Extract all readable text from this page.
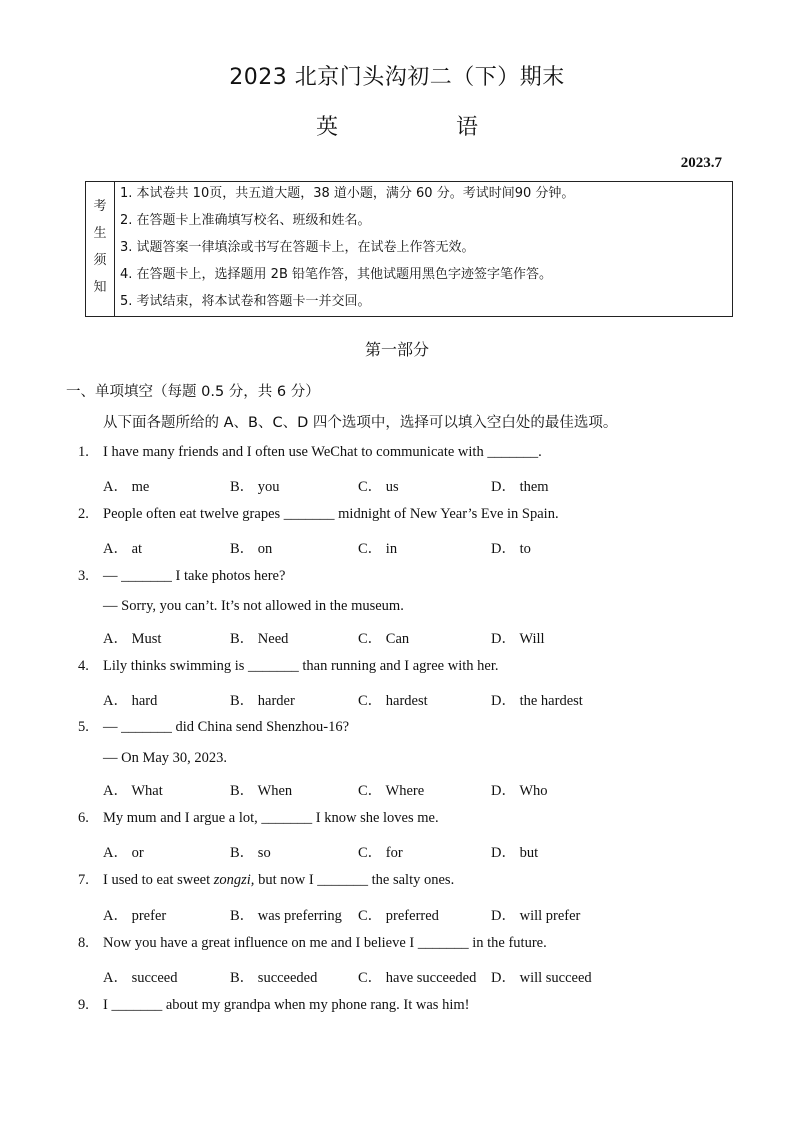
2023 北京门头沟初二（下）期末
英	语
2023.7
考
生
须
知
1. 本试卷共 10页，共五道大题，38 道小题，满分 60 分。考试时间90 分钟。
2. 在答题卡上准确填写校名、班级和姓名。
3. 试题答案一律填涂或书写在答题卡上，在试卷上作答无效。
4. 在答题卡上，选择题用 2B 铅笔作答，其他试题用黑色字迹签字笔作答。
5. 考试结束，将本试卷和答题卡一并交回。
第一部分
一、单项填空（每题 0.5 分，共 6 分）
从下面各题所给的 A、B、C、D 四个选项中，选择可以填入空白处的最佳选项。
1. I have many friends and I often use WeChat to communicate with _______.
A． me	B． you	C． us	D． them
2. People often eat twelve grapes _______ midnight of New Year’s Eve in Spain.
A． at	B． on	C． in	D． to
3. — _______ I take photos here?
— Sorry, you can’t. It’s not allowed in the museum.
A． Must	B． Need	C． Can	D． Will
4. Lily thinks swimming is _______ than running and I agree with her.
A． hard	B． harder	C． hardest	D． the hardest
5. — _______ did China send Shenzhou-16?
— On May 30, 2023.
A． What	B． When	C． Where	D． Who
6. My mum and I argue a lot, _______ I know she loves me.
A． or	B． so	C． for	D． but
7. I used to eat sweet zongzi, but now I _______ the salty ones.
A． prefer	B． was preferring C． preferred	D． will prefer
8. Now you have a great influence on me and I believe I _______ in the future.
A． succeed	B． succeeded	C． have succeeded D． will succeed
9. I _______ about my grandpa when my phone rang. It was him!
